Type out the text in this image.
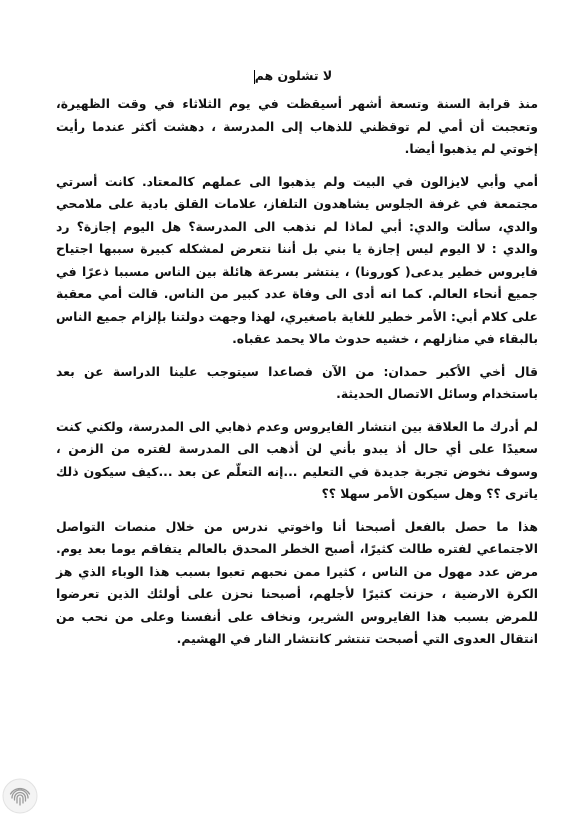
لا تشلون هم

منذ قرابة السنة وتسعة أشهر أسيقظت في يوم الثلاثاء في وقت الظهيرة، وتعجبت أن أمي لم توقظني للذهاب إلى المدرسة ، دهشت أكثر عندما رأيت إخوتي لم يذهبوا أيضا.

أمي وأبي لايزالون في البيت ولم يذهبوا الى عملهم كالمعتاد. كانت أسرتي مجتمعة في غرفة الجلوس يشاهدون التلفاز، علامات القلق بادية على ملامحي والدي، سألت والدي: أبي لماذا لم نذهب الى المدرسة؟ هل اليوم إجازة؟ رد والدي : لا اليوم ليس إجازة يا بني بل أننا نتعرض لمشكله كبيرة سببها اجتياح فايروس خطير يدعى( كورونا) ، ينتشر بسرعة هائلة بين الناس مسببا ذعرًا في جميع أنحاء العالم. كما انه أدى الى وفاة عدد كبير من الناس. قالت أمي معقبة على كلام أبي: الأمر خطير للغاية باصغيري، لهذا وجهت دولتنا بإلزام جميع الناس بالبقاء في منازلهم ، خشيه حدوث مالا يحمد عقباه.

قال أخي الأكبر حمدان: من الآن فصاعدا سيتوجب علينا الدراسة عن بعد باستخدام وسائل الاتصال الحديثة.

لم أدرك ما العلاقة بين انتشار الفايروس وعدم ذهابي الى المدرسة، ولكني كنت سعيدًا على أي حال أذ يبدو بأني لن أذهب الى المدرسة لفتره من الزمن ، وسوف نخوض تجربة جديدة في التعليم ...إنه التعلّم عن بعد ...كيف سيكون ذلك ياترى ؟؟ وهل سيكون الأمر سهلا ؟؟

هذا ما حصل بالفعل أصبحنا أنا واخوتي ندرس من خلال منصات التواصل الاجتماعي لفتره طالت كثيرًا، أصبح الخطر المحدق بالعالم يتفاقم يوما بعد يوم. مرض عدد مهول من الناس ، كثيرا ممن نحبهم تعبوا بسبب هذا الوباء الذي هز الكرة الارضية ، حزنت كثيرًا لأجلهم، أصبحنا نحزن على أولئك الذين تعرضوا للمرض بسبب هذا الفايروس الشرير، ونخاف على أنفسنا وعلى من نحب من انتقال العدوى التي أصبحت تنتشر كانتشار النار في الهشيم.
